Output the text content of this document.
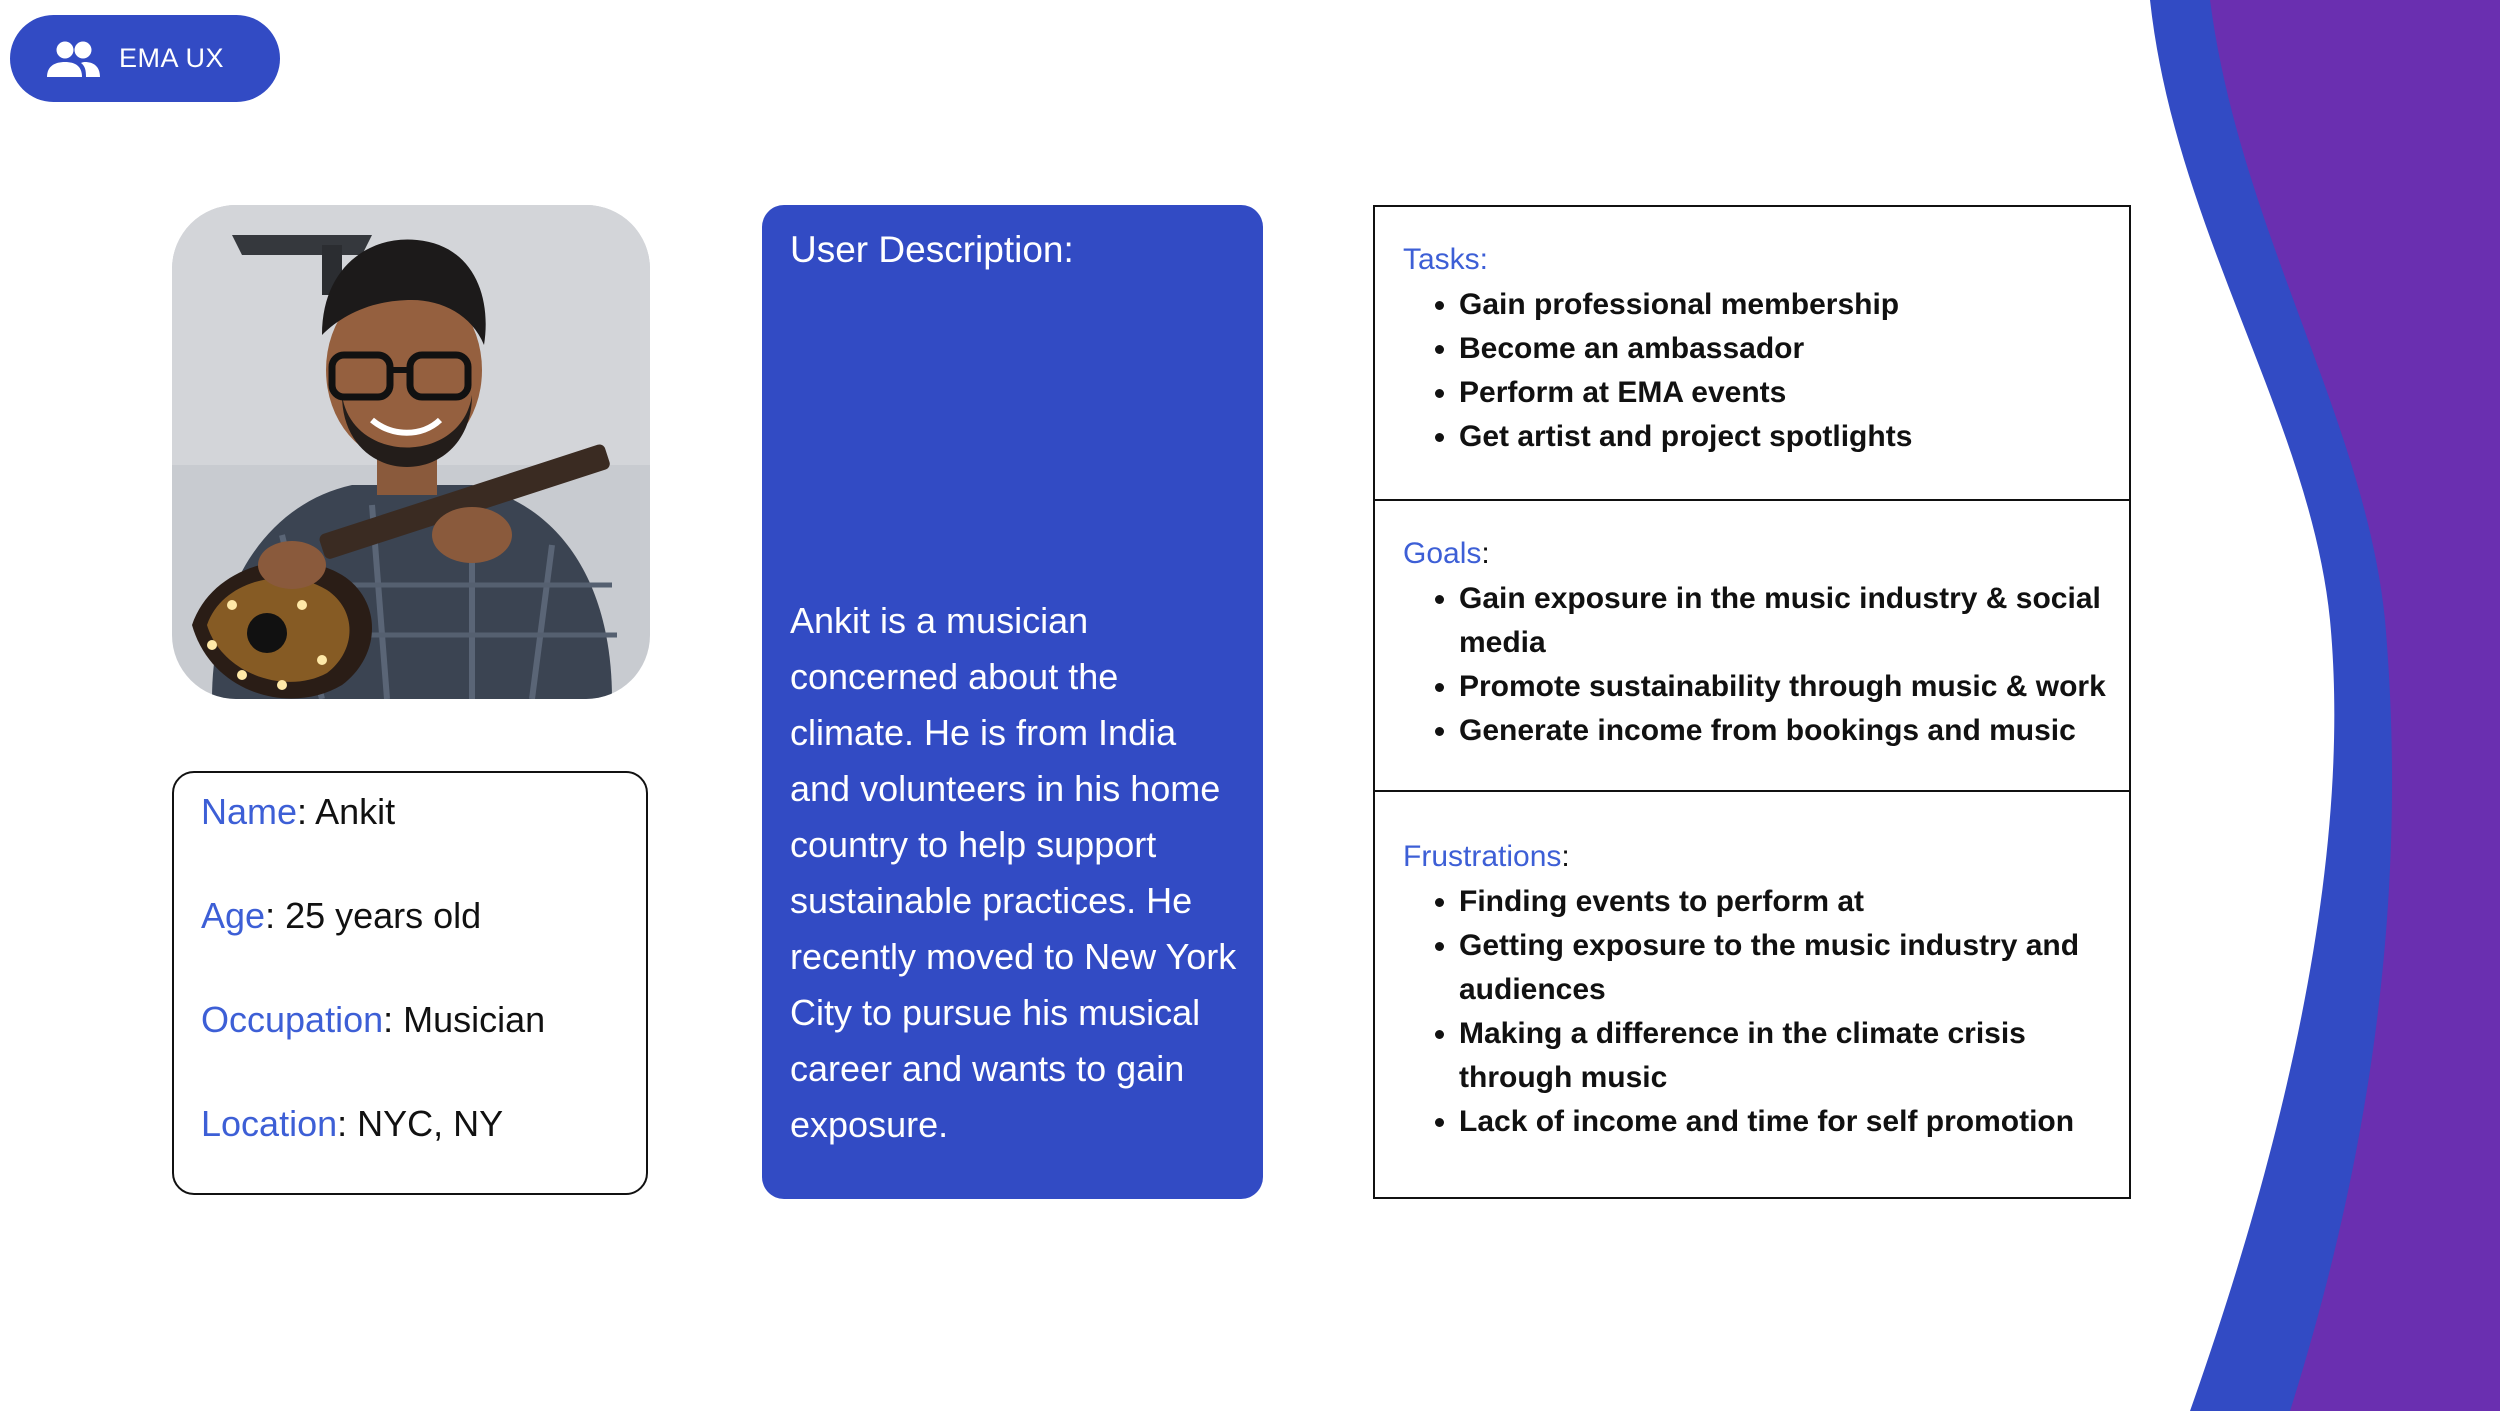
EMA UX
Name: Ankit
Age: 25 years old
Occupation: Musician
Location: NYC, NY
User Description:
Ankit is a musician concerned about the climate. He is from India and volunteers in his home country to help support sustainable practices. He recently moved to New York City to pursue his musical career and wants to gain exposure.
Tasks:
• Gain professional membership
• Become an ambassador
• Perform at EMA events
• Get artist and project spotlights
Goals:
• Gain exposure in the music industry & social media
• Promote sustainability through music & work
• Generate income from bookings and music
Frustrations:
• Finding events to perform at
• Getting exposure to the music industry and audiences
• Making a difference in the climate crisis through music
• Lack of income and time for self promotion
